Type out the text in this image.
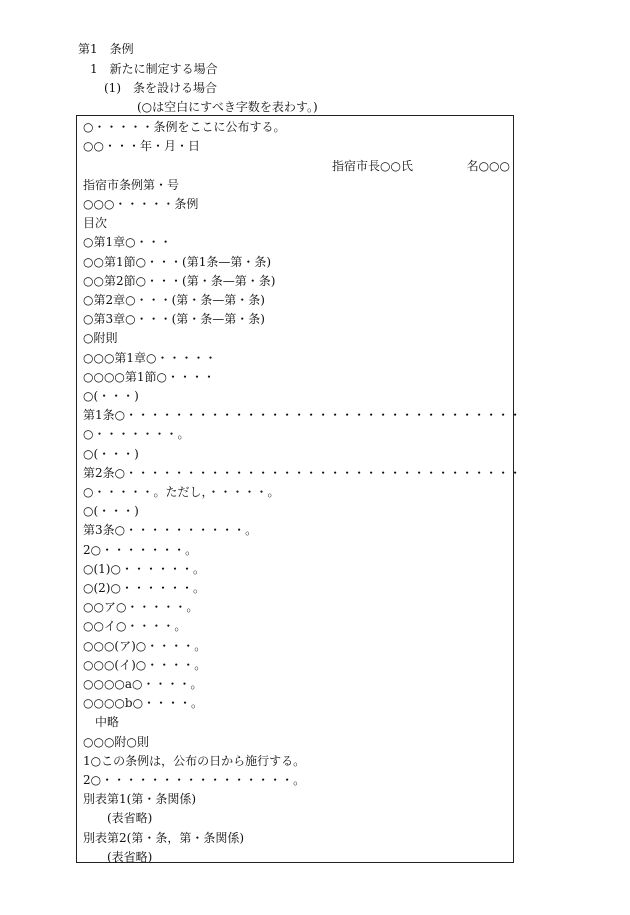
第1　条例
1　新たに制定する場合
(1)　条を設ける場合
(○は空白にすべき字数を表わす。)
○・・・・・条例をここに公布する。
○○・・・年・月・日
指宿市長○○氏	名○○○
指宿市条例第・号
○○○・・・・・条例
目次
○第1章○・・・
○○第1節○・・・(第1条—第・条)
○○第2節○・・・(第・条—第・条)
○第2章○・・・(第・条—第・条)
○第3章○・・・(第・条—第・条)
○附則
○○○第1章○・・・・・
○○○○第1節○・・・・
○(・・・)
第1条○・・・・・・・・・・・・・・・・・・・・・・・・・・・・・・・・・
○・・・・・・・。
○(・・・)
第2条○・・・・・・・・・・・・・・・・・・・・・・・・・・・・・・・・・
○・・・・・。ただし，・・・・・。
○(・・・)
第3条○・・・・・・・・・・。
2○・・・・・・・。
○(1)○・・・・・・。
○(2)○・・・・・・。
○○ア○・・・・・。
○○イ○・・・・。
○○○(ア)○・・・・。
○○○(イ)○・・・・。
○○○○a○・・・・。
○○○○b○・・・・。
　中略
○○○附○則
1○この条例は，公布の日から施行する。
2○・・・・・・・・・・・・・・・・。
別表第1(第・条関係)
　　(表省略)
別表第2(第・条，第・条関係)
　　(表省略)
